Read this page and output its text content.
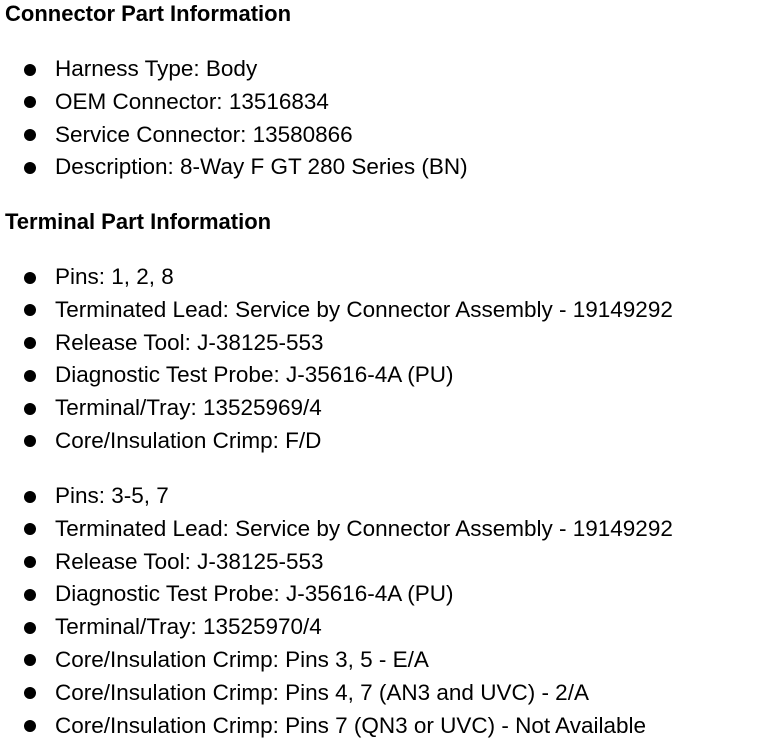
Connector Part Information
Harness Type: Body
OEM Connector: 13516834
Service Connector: 13580866
Description: 8-Way F GT 280 Series (BN)
Terminal Part Information
Pins: 1, 2, 8
Terminated Lead: Service by Connector Assembly - 19149292
Release Tool: J-38125-553
Diagnostic Test Probe: J-35616-4A (PU)
Terminal/Tray: 13525969/4
Core/Insulation Crimp: F/D
Pins: 3-5, 7
Terminated Lead: Service by Connector Assembly - 19149292
Release Tool: J-38125-553
Diagnostic Test Probe: J-35616-4A (PU)
Terminal/Tray: 13525970/4
Core/Insulation Crimp: Pins 3, 5 - E/A
Core/Insulation Crimp: Pins 4, 7 (AN3 and UVC) - 2/A
Core/Insulation Crimp: Pins 7 (QN3 or UVC) - Not Available
